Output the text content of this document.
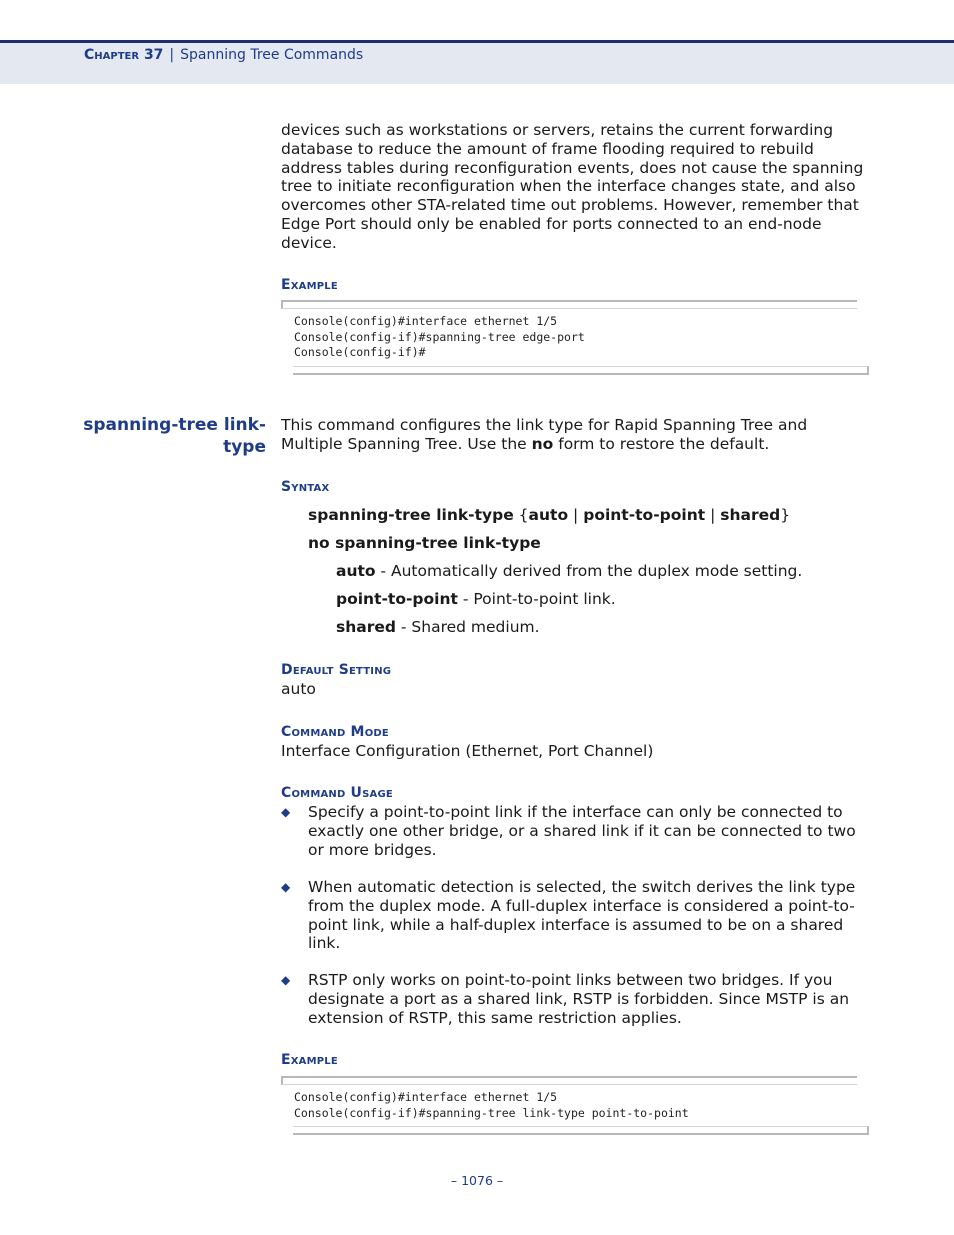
Chapter 37 | Spanning Tree Commands

devices such as workstations or servers, retains the current forwarding database to reduce the amount of frame flooding required to rebuild address tables during reconfiguration events, does not cause the spanning tree to initiate reconfiguration when the interface changes state, and also overcomes other STA-related time out problems. However, remember that Edge Port should only be enabled for ports connected to an end-node device.

Example
Console(config)#interface ethernet 1/5
Console(config-if)#spanning-tree edge-port
Console(config-if)#
spanning-tree link-
type

This command configures the link type for Rapid Spanning Tree and Multiple Spanning Tree. Use the no form to restore the default.

Syntax
spanning-tree link-type {auto | point-to-point | shared}
no spanning-tree link-type
auto - Automatically derived from the duplex mode setting.
point-to-point - Point-to-point link.
shared - Shared medium.
Default Setting
auto
Command Mode
Interface Configuration (Ethernet, Port Channel)
Command Usage
◆ Specify a point-to-point link if the interface can only be connected to exactly one other bridge, or a shared link if it can be connected to two or more bridges.
◆ When automatic detection is selected, the switch derives the link type from the duplex mode. A full-duplex interface is considered a point-to-point link, while a half-duplex interface is assumed to be on a shared link.
◆ RSTP only works on point-to-point links between two bridges. If you designate a port as a shared link, RSTP is forbidden. Since MSTP is an extension of RSTP, this same restriction applies.
Example
Console(config)#interface ethernet 1/5
Console(config-if)#spanning-tree link-type point-to-point
– 1076 –
